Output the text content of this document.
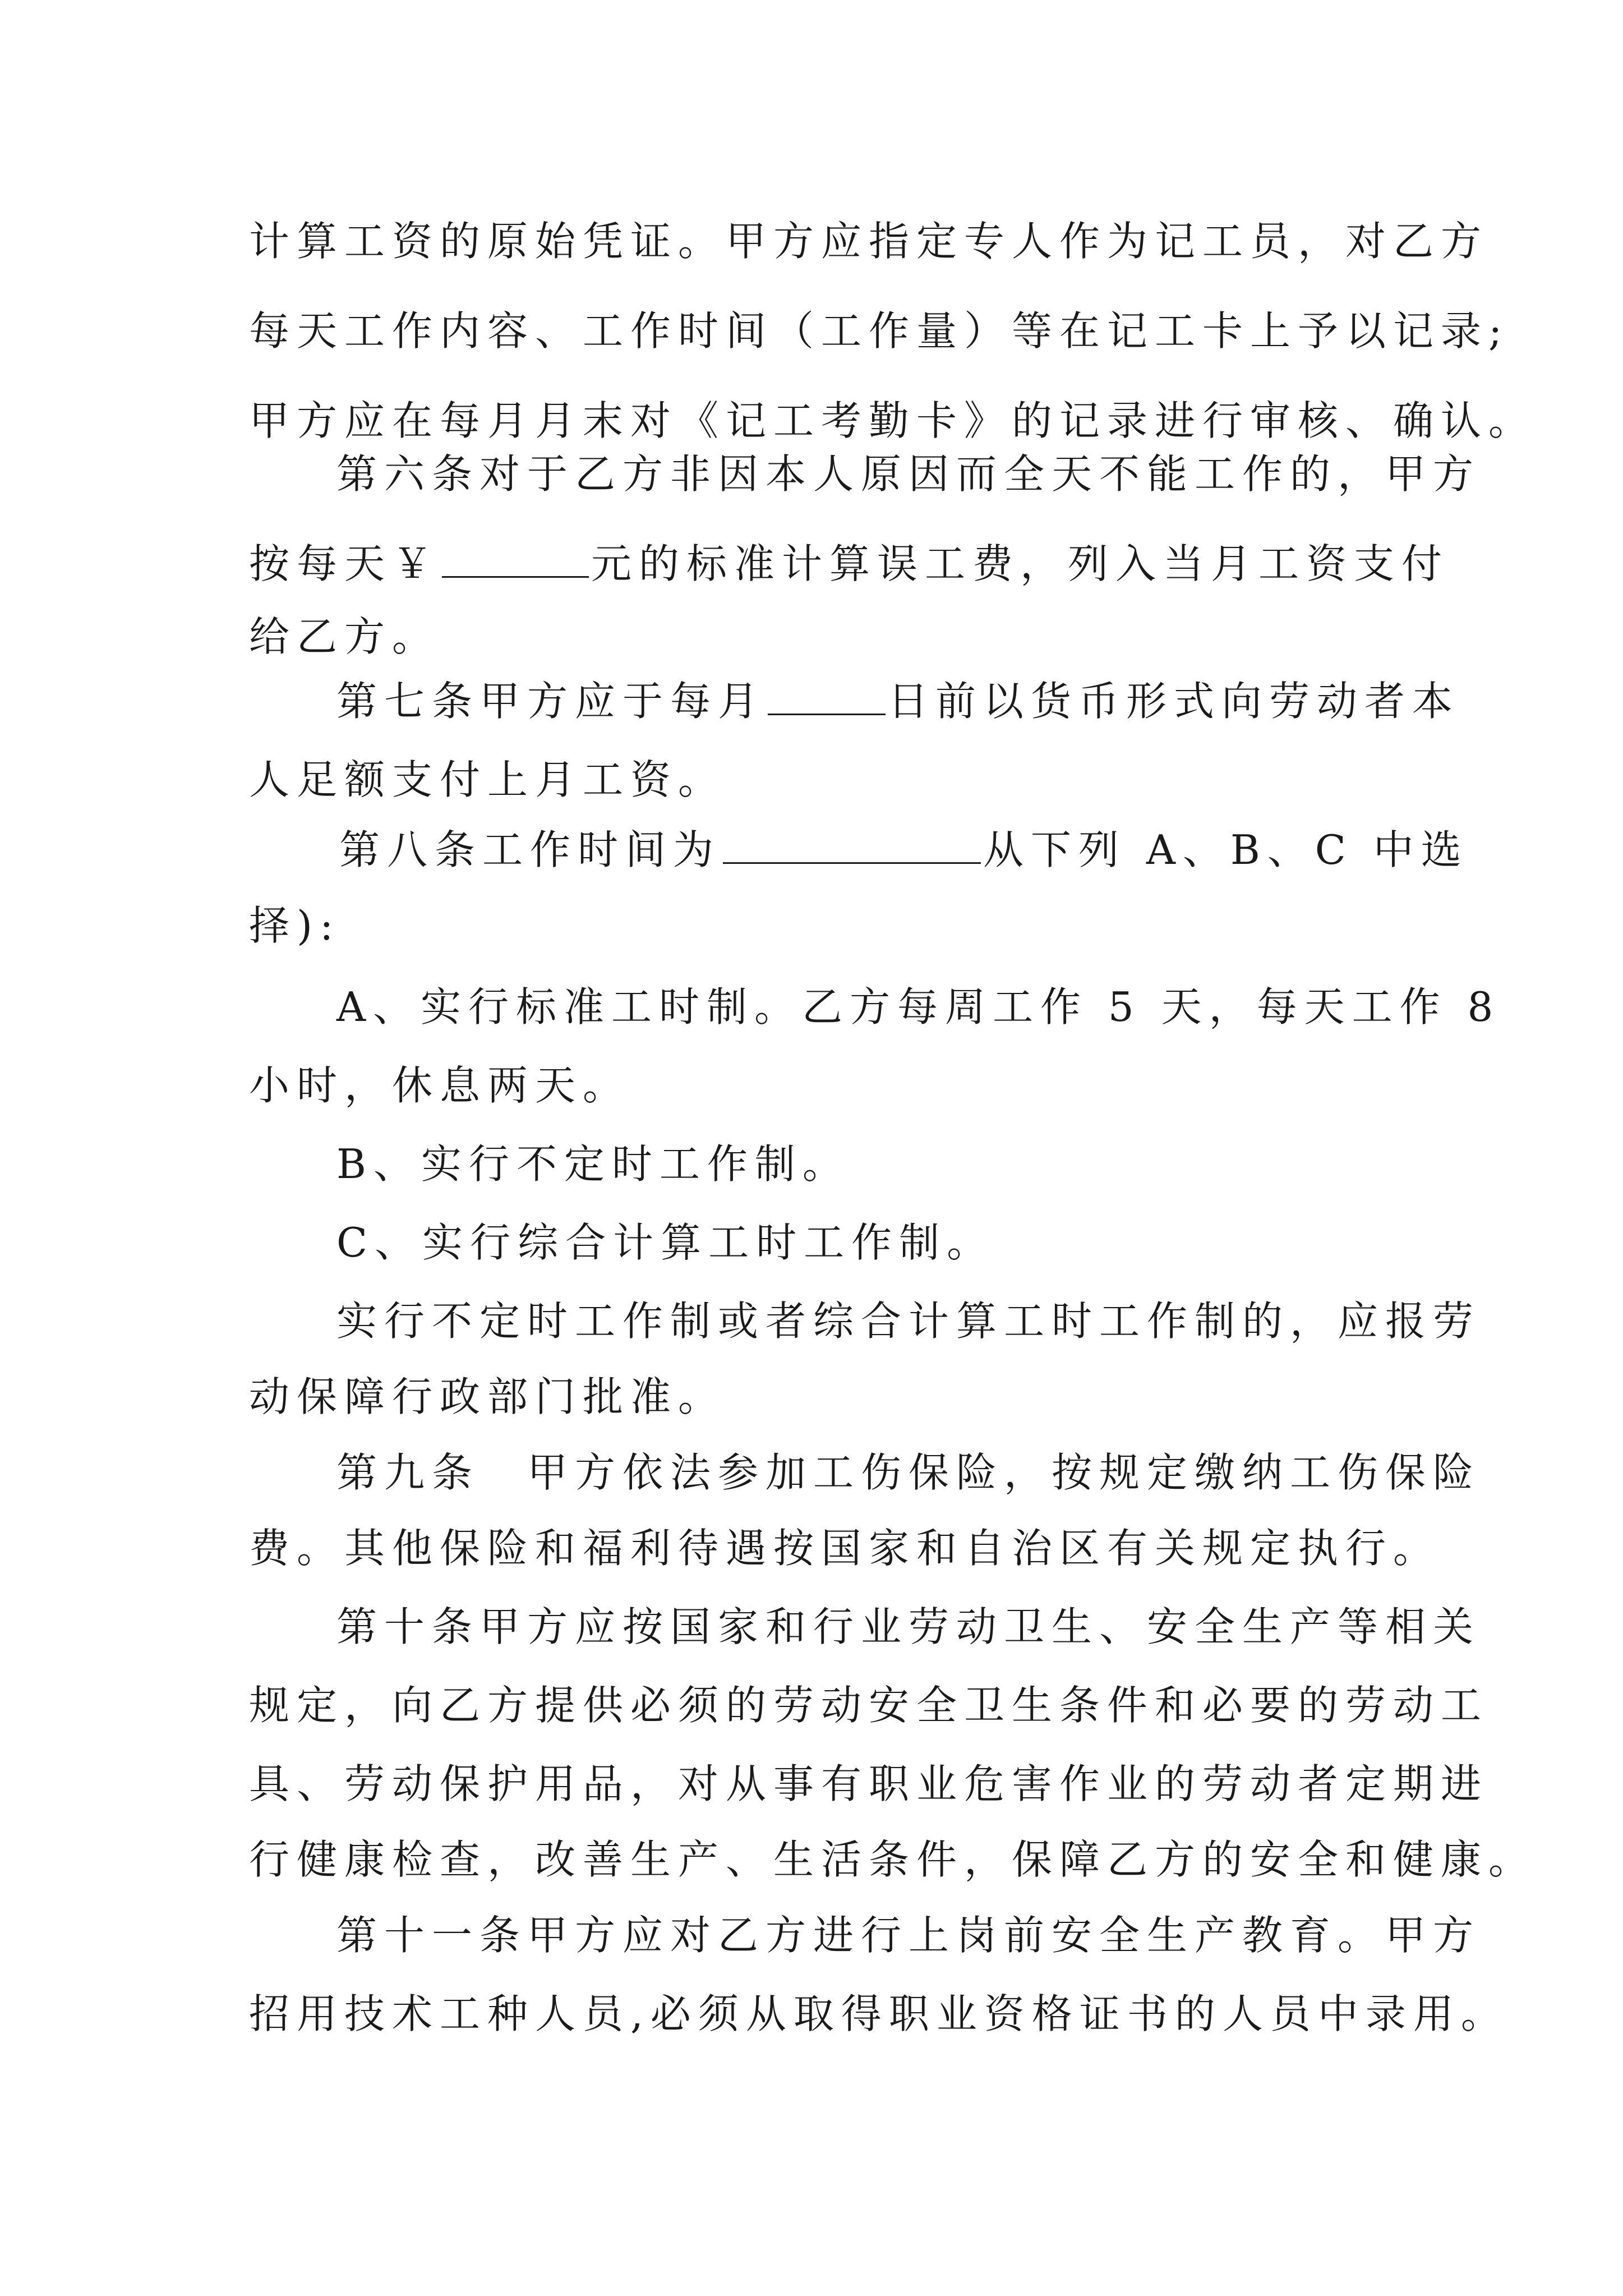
计算工资的原始凭证。甲方应指定专人作为记工员，对乙方
每天工作内容、工作时间（工作量）等在记工卡上予以记录;
甲方应在每月月末对《记工考勤卡》的记录进行审核、确认。
第六条对于乙方非因本人原因而全天不能工作的，甲方
按每天￥	元的标准计算误工费，列入当月工资支付
给乙方。
第七条甲方应于每月	日前以货币形式向劳动者本
人足额支付上月工资。
第八条工作时间为	从下列 A、B、C 中选
择):
A、实行标准工时制。乙方每周工作 5 天，每天工作 8
小时，休息两天。
B、实行不定时工作制。
C、实行综合计算工时工作制。
实行不定时工作制或者综合计算工时工作制的，应报劳
动保障行政部门批准。
第九条　甲方依法参加工伤保险，按规定缴纳工伤保险
费。其他保险和福利待遇按国家和自治区有关规定执行。
第十条甲方应按国家和行业劳动卫生、安全生产等相关
规定，向乙方提供必须的劳动安全卫生条件和必要的劳动工
具、劳动保护用品，对从事有职业危害作业的劳动者定期进
行健康检查，改善生产、生活条件，保障乙方的安全和健康。
第十一条甲方应对乙方进行上岗前安全生产教育。甲方
招用技术工种人员,必须从取得职业资格证书的人员中录用。
